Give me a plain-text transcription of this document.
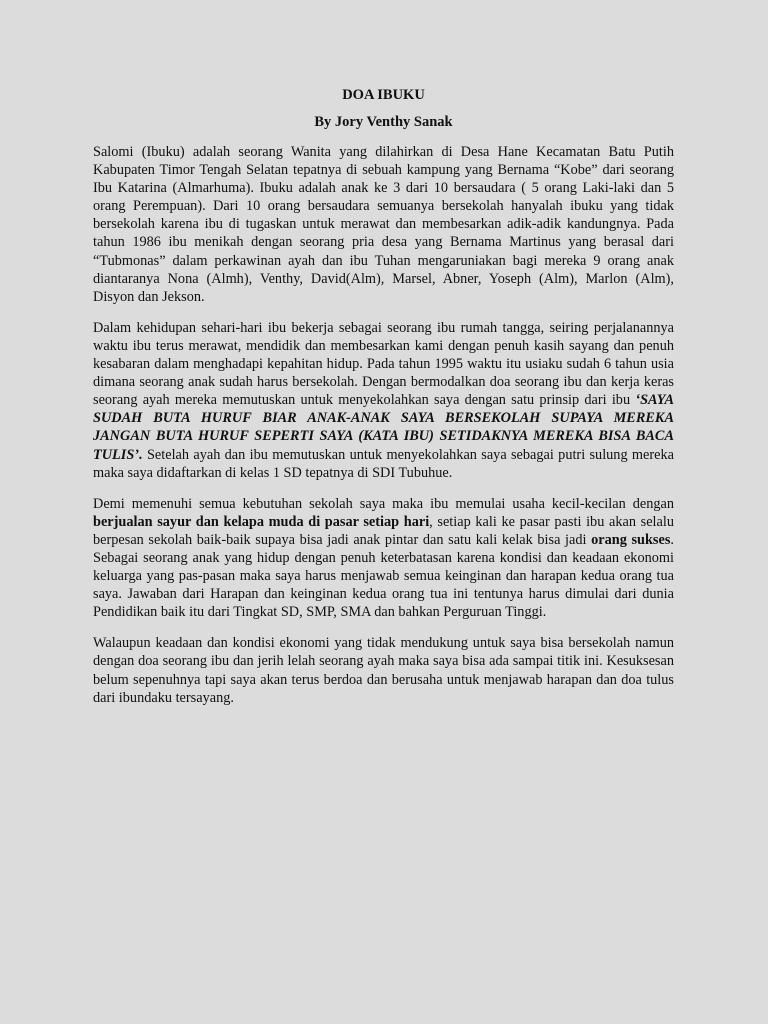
DOA IBUKU
By Jory Venthy Sanak

Salomi (Ibuku) adalah seorang Wanita yang dilahirkan di Desa Hane Kecamatan Batu Putih Kabupaten Timor Tengah Selatan tepatnya di sebuah kampung yang Bernama “Kobe” dari seorang Ibu Katarina (Almarhuma). Ibuku adalah anak ke 3 dari 10 bersaudara ( 5 orang Laki-laki dan 5 orang Perempuan). Dari 10 orang bersaudara semuanya bersekolah hanyalah ibuku yang tidak bersekolah karena ibu di tugaskan untuk merawat dan membesarkan adik-adik kandungnya. Pada tahun 1986 ibu menikah dengan seorang pria desa yang Bernama Martinus yang berasal dari “Tubmonas” dalam perkawinan ayah dan ibu Tuhan mengaruniakan bagi mereka 9 orang anak diantaranya Nona (Almh), Venthy, David(Alm), Marsel, Abner, Yoseph (Alm), Marlon (Alm), Disyon dan Jekson.

Dalam kehidupan sehari-hari ibu bekerja sebagai seorang ibu rumah tangga, seiring perjalanannya waktu ibu terus merawat, mendidik dan membesarkan kami dengan penuh kasih sayang dan penuh kesabaran dalam menghadapi kepahitan hidup. Pada tahun 1995 waktu itu usiaku sudah 6 tahun usia dimana seorang anak sudah harus bersekolah. Dengan bermodalkan doa seorang ibu dan kerja keras seorang ayah mereka memutuskan untuk menyekolahkan saya dengan satu prinsip dari ibu ‘SAYA SUDAH BUTA HURUF BIAR ANAK-ANAK SAYA BERSEKOLAH SUPAYA MEREKA JANGAN BUTA HURUF SEPERTI SAYA (KATA IBU) SETIDAKNYA MEREKA BISA BACA TULIS’. Setelah ayah dan ibu memutuskan untuk menyekolahkan saya sebagai putri sulung mereka maka saya didaftarkan di kelas 1 SD tepatnya di SDI Tubuhue.

Demi memenuhi semua kebutuhan sekolah saya maka ibu memulai usaha kecil-kecilan dengan berjualan sayur dan kelapa muda di pasar setiap hari, setiap kali ke pasar pasti ibu akan selalu berpesan sekolah baik-baik supaya bisa jadi anak pintar dan satu kali kelak bisa jadi orang sukses. Sebagai seorang anak yang hidup dengan penuh keterbatasan karena kondisi dan keadaan ekonomi keluarga yang pas-pasan maka saya harus menjawab semua keinginan dan harapan kedua orang tua saya. Jawaban dari Harapan dan keinginan kedua orang tua ini tentunya harus dimulai dari dunia Pendidikan baik itu dari Tingkat SD, SMP, SMA dan bahkan Perguruan Tinggi.

Walaupun keadaan dan kondisi ekonomi yang tidak mendukung untuk saya bisa bersekolah namun dengan doa seorang ibu dan jerih lelah seorang ayah maka saya bisa ada sampai titik ini. Kesuksesan belum sepenuhnya tapi saya akan terus berdoa dan berusaha untuk menjawab harapan dan doa tulus dari ibundaku tersayang.
